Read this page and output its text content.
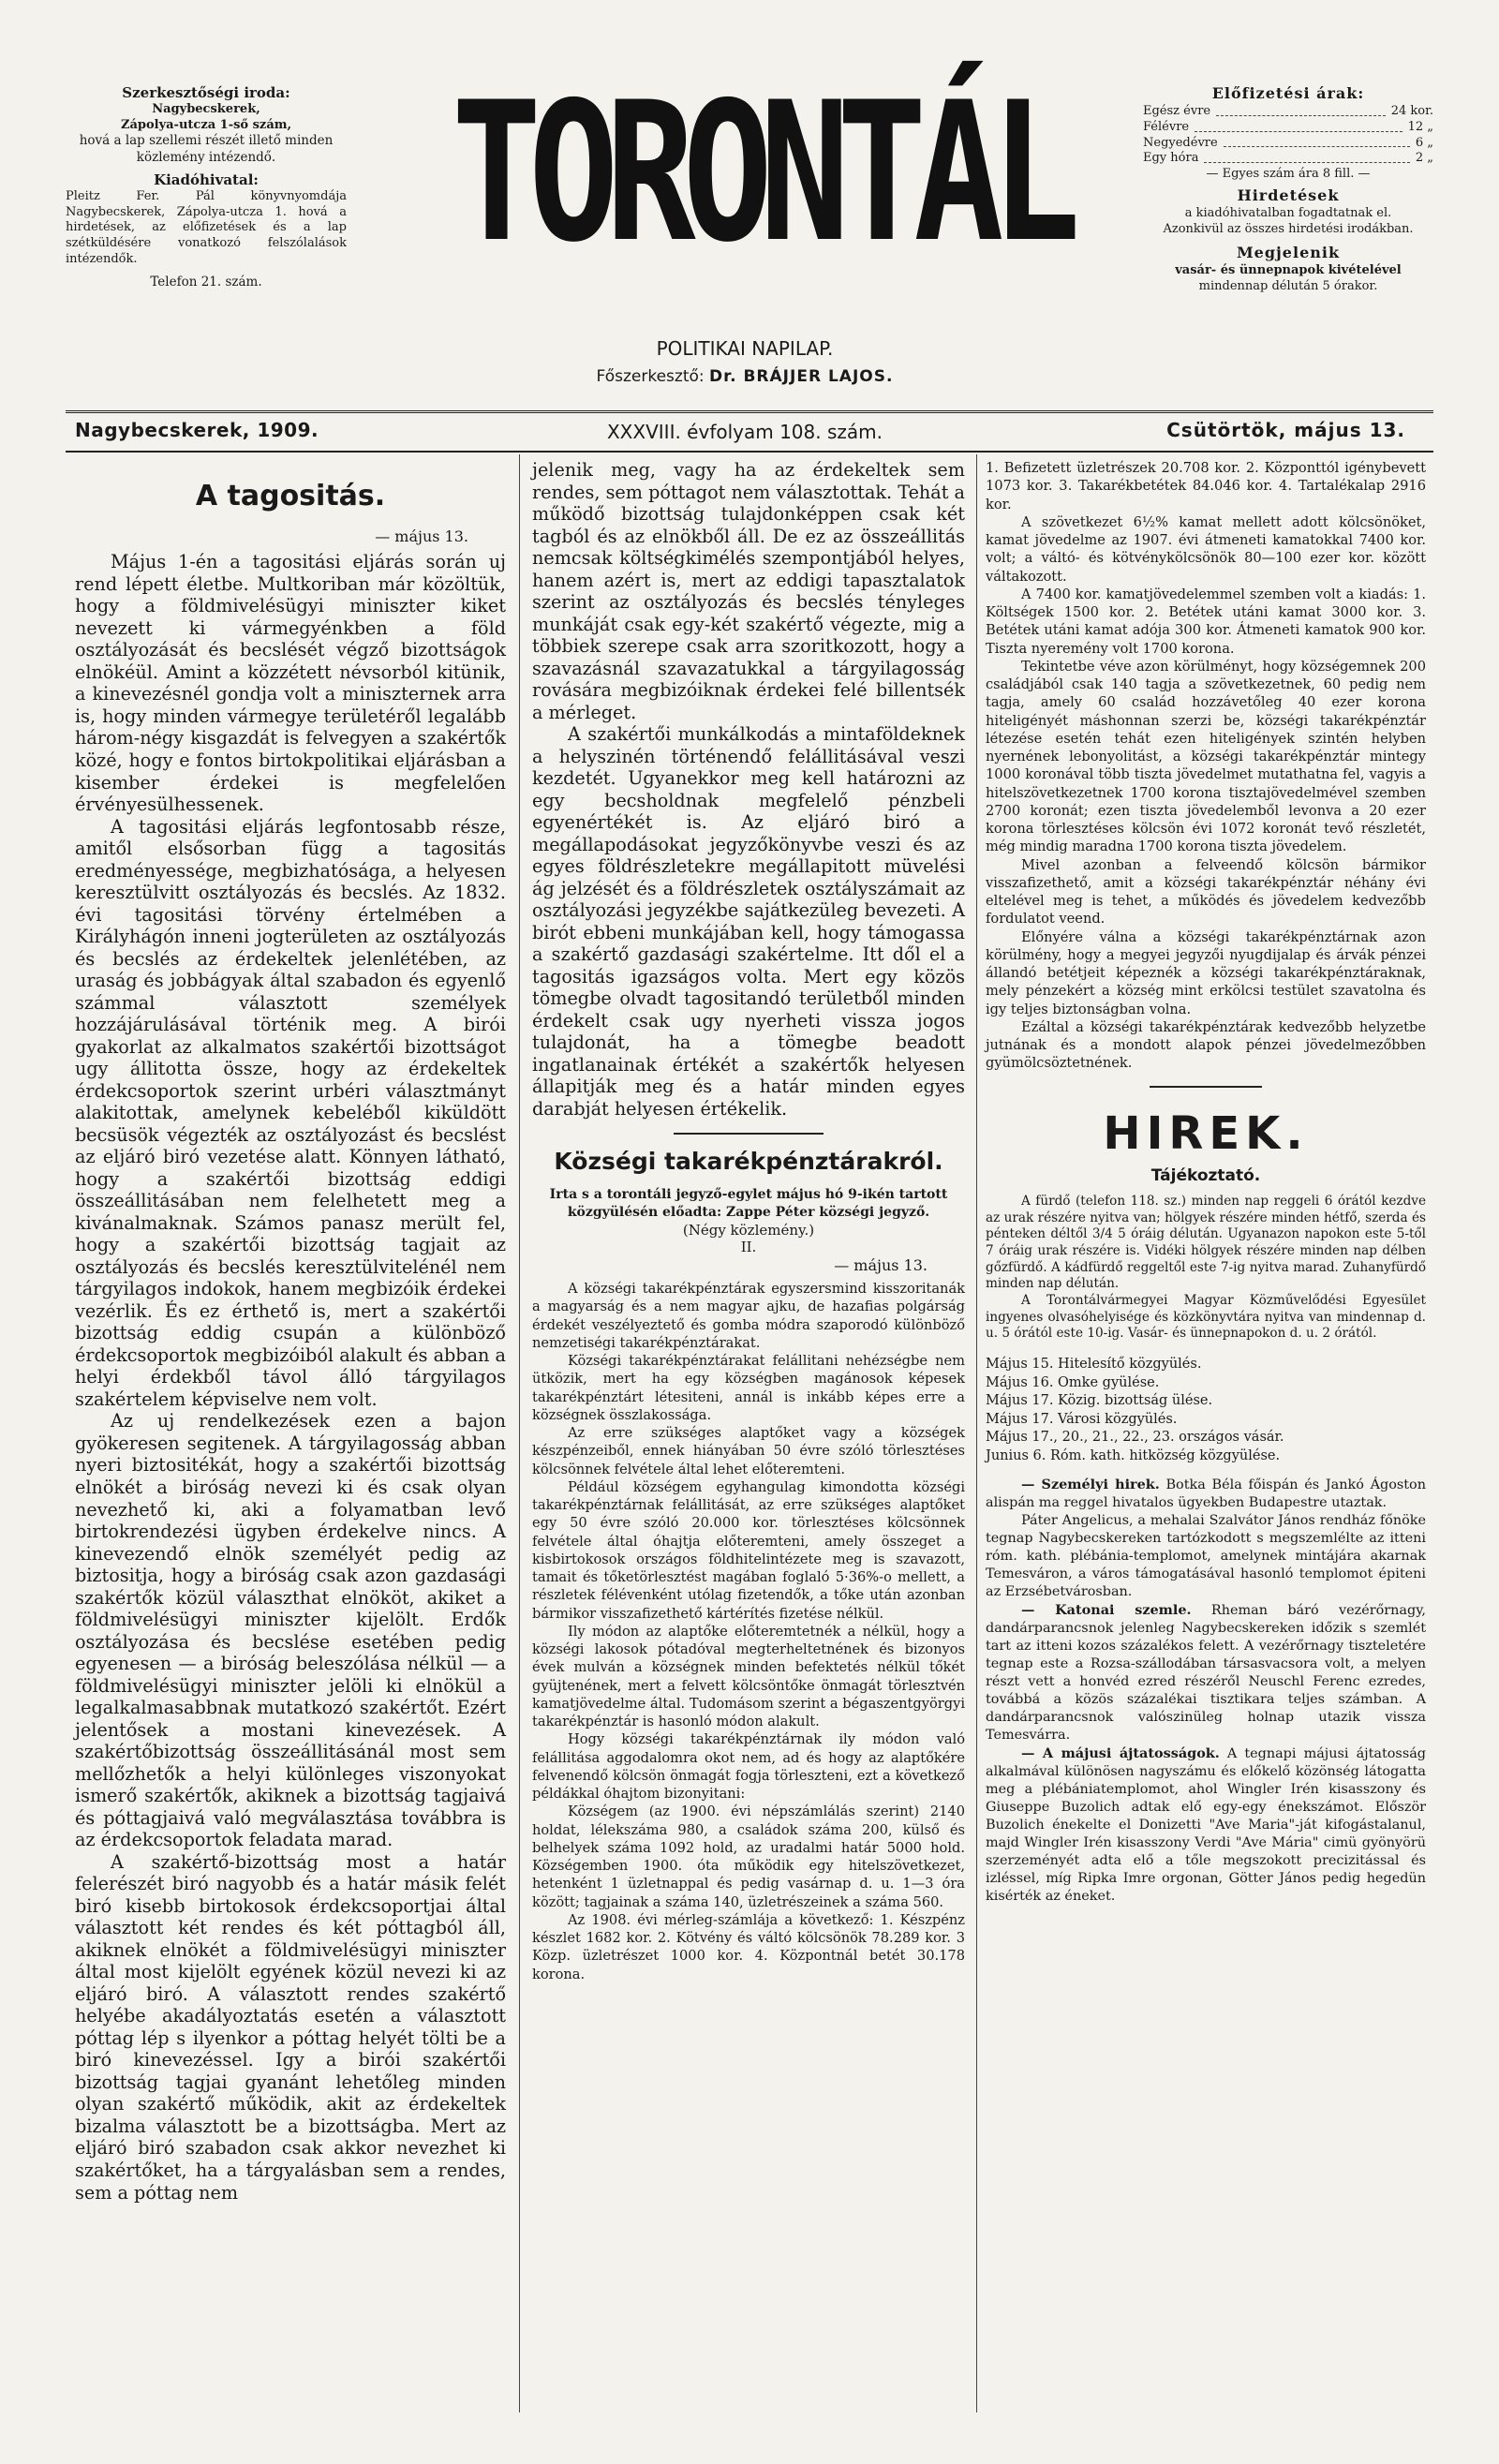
Szerkesztőségi iroda:
Nagybecskerek,
Zápolya-utcza 1-ső szám,
hová a lap szellemi részét illető minden közlemény intézendő.
Kiadóhivatal:
Pleitz Fer. Pál könyvnyomdája Nagybecskerek, Zápolya-utcza 1. hová a hirdetések, az előfizetések és a lap szétküldésére vonatkozó felszólalások intézendők.
Telefon 21. szám. TORONTÁL
POLITIKAI NAPILAP.
Főszerkesztő: Dr. BRÁJJER LAJOS.
Előfizetési árak:
Egész évre	24 kor.
Félévre	12 „
Negyedévre	6 „
Egy hóra	2 „
— Egyes szám ára 8 fill. —
Hirdetések
a kiadóhivatalban fogadtatnak el.
Azonkivül az összes hirdetési irodákban.
Megjelenik
vasár- és ünnepnapok kivételével
mindennap délután 5 órakor.
Nagybecskerek, 1909.	XXXVIII. évfolyam 108. szám.	Csütörtök, május 13.

A tagositás.

— május 13.

Május 1-én a tagositási eljárás során uj rend lépett életbe. Multkoriban már közöltük, hogy a földmivelésügyi miniszter kiket nevezett ki vármegyénkben a föld osztályozását és becslését végző bizottságok elnökéül. Amint a közzétett névsorból kitünik, a kinevezésnél gondja volt a miniszternek arra is, hogy minden vármegye területéről legalább három-négy kisgazdát is felvegyen a szakértők közé, hogy e fontos birtokpolitikai eljárásban a kisember érdekei is megfelelően érvényesülhessenek.

A tagositási eljárás legfontosabb része, amitől elsősorban függ a tagositás eredményessége, megbizhatósága, a helyesen keresztülvitt osztályozás és becslés. Az 1832. évi tagositási törvény értelmében a Királyhágón inneni jogterületen az osztályozás és becslés az érdekeltek jelenlétében, az uraság és jobbágyak által szabadon és egyenlő számmal választott személyek hozzájárulásával történik meg. A birói gyakorlat az alkalmatos szakértői bizottságot ugy állitotta össze, hogy az érdekeltek érdekcsoportok szerint urbéri választmányt alakitottak, amelynek kebeléből kiküldött becsüsök végezték az osztályozást és becslést az eljáró biró vezetése alatt. Könnyen látható, hogy a szakértői bizottság eddigi összeállitásában nem felelhetett meg a kivánalmaknak. Számos panasz merült fel, hogy a szakértői bizottság tagjait az osztályozás és becslés keresztülvitelénél nem tárgyilagos indokok, hanem megbizóik érdekei vezérlik. És ez érthető is, mert a szakértői bizottság eddig csupán a különböző érdekcsoportok megbizóiból alakult és abban a helyi érdekből távol álló tárgyilagos szakértelem képviselve nem volt.

Az uj rendelkezések ezen a bajon gyökeresen segitenek. A tárgyilagosság abban nyeri biztositékát, hogy a szakértői bizottság elnökét a biróság nevezi ki és csak olyan nevezhető ki, aki a folyamatban levő birtokrendezési ügyben érdekelve nincs. A kinevezendő elnök személyét pedig az biztositja, hogy a biróság csak azon gazdasági szakértők közül választhat elnököt, akiket a földmivelésügyi miniszter kijelölt. Erdők osztályozása és becslése esetében pedig egyenesen — a biróság beleszólása nélkül — a földmivelésügyi miniszter jelöli ki elnökül a legalkalmasabbnak mutatkozó szakértőt. Ezért jelentősek a mostani kinevezések. A szakértőbizottság összeállitásánál most sem mellőzhetők a helyi különleges viszonyokat ismerő szakértők, akiknek a bizottság tagjaivá és póttagjaivá való megválasztása továbbra is az érdekcsoportok feladata marad.

A szakértő-bizottság most a határ felerészét biró nagyobb és a határ másik felét biró kisebb birtokosok érdekcsoportjai által választott két rendes és két póttagból áll, akiknek elnökét a földmivelésügyi miniszter által most kijelölt egyének közül nevezi ki az eljáró biró. A választott rendes szakértő helyébe akadályoztatás esetén a választott póttag lép s ilyenkor a póttag helyét tölti be a biró kinevezéssel. Igy a birói szakértői bizottság tagjai gyanánt lehetőleg minden olyan szakértő működik, akit az érdekeltek bizalma választott be a bizottságba. Mert az eljáró biró szabadon csak akkor nevezhet ki szakértőket, ha a tárgyalásban sem a rendes, sem a póttag nem

jelenik meg, vagy ha az érdekeltek sem rendes, sem póttagot nem választottak. Tehát a működő bizottság tulajdonképpen csak két tagból és az elnökből áll. De ez az összeállitás nemcsak költségkimélés szempontjából helyes, hanem azért is, mert az eddigi tapasztalatok szerint az osztályozás és becslés tényleges munkáját csak egy-két szakértő végezte, mig a többiek szerepe csak arra szoritkozott, hogy a szavazásnál szavazatukkal a tárgyilagosság rovására megbizóiknak érdekei felé billentsék a mérleget.

A szakértői munkálkodás a mintaföldeknek a helyszinén történendő felállitásával veszi kezdetét. Ugyanekkor meg kell határozni az egy becsholdnak megfelelő pénzbeli egyenértékét is. Az eljáró biró a megállapodásokat jegyzőkönyvbe veszi és az egyes földrészletekre megállapitott müvelési ág jelzését és a földrészletek osztályszámait az osztályozási jegyzékbe sajátkezüleg bevezeti. A birót ebbeni munkájában kell, hogy támogassa a szakértő gazdasági szakértelme. Itt dől el a tagositás igazságos volta. Mert egy közös tömegbe olvadt tagositandó területből minden érdekelt csak ugy nyerheti vissza jogos tulajdonát, ha a tömegbe beadott ingatlanainak értékét a szakértők helyesen állapitják meg és a határ minden egyes darabját helyesen értékelik.

Községi takarékpénztárakról.

Irta s a torontáli jegyző-egylet május hó 9-ikén tartott közgyülésén előadta: Zappe Péter községi jegyző.

(Négy közlemény.)

II.

— május 13.

A községi takarékpénztárak egyszersmind kisszoritanák a magyarság és a nem magyar ajku, de hazafias polgárság érdekét veszélyeztető és gomba módra szaporodó különböző nemzetiségi takarékpénztárakat.

Községi takarékpénztárakat felállitani nehézségbe nem ütközik, mert ha egy községben magánosok képesek takarékpénztárt létesiteni, annál is inkább képes erre a községnek összlakossága.

Az erre szükséges alaptőket vagy a községek készpénzeiből, ennek hiányában 50 évre szóló törlesztéses kölcsönnek felvétele által lehet előteremteni.

Például községem egyhangulag kimondotta községi takarékpénztárnak felállitását, az erre szükséges alaptőket egy 50 évre szóló 20.000 kor. törlesztéses kölcsönnek felvétele által óhajtja előteremteni, amely összeget a kisbirtokosok országos földhitelintézete meg is szavazott, tamait és tőketörlesztést magában foglaló 5·36%-o mellett, a részletek félévenként utólag fizetendők, a tőke után azonban bármikor visszafizethető kártérítés fizetése nélkül.

Ily módon az alaptőke előteremtetnék a nélkül, hogy a községi lakosok pótadóval megterheltetnének és bizonyos évek mulván a községnek minden befektetés nélkül tőkét gyüjtenének, mert a felvett kölcsöntőke önmagát törlesztvén kamatjövedelme által. Tudomásom szerint a bégaszentgyörgyi takarékpénztár is hasonló módon alakult.

Hogy községi takarékpénztárnak ily módon való felállitása aggodalomra okot nem, ad és hogy az alaptőkére felvenendő kölcsön önmagát fogja törleszteni, ezt a következő példákkal óhajtom bizonyitani:

Községem (az 1900. évi népszámlálás szerint) 2140 holdat, lélekszáma 980, a családok száma 200, külső és belhelyek száma 1092 hold, az uradalmi határ 5000 hold. Községemben 1900. óta működik egy hitelszövetkezet, hetenként 1 üzletnappal és pedig vasárnap d. u. 1—3 óra között; tagjainak a száma 140, üzletrészeinek a száma 560.

Az 1908. évi mérleg-számlája a következő: 1. Készpénz készlet 1682 kor. 2. Kötvény és váltó kölcsönök 78.289 kor. 3 Közp. üzletrészet 1000 kor. 4. Központnál betét 30.178 korona.

1. Befizetett üzletrészek 20.708 kor. 2. Központtól igénybevett 1073 kor. 3. Takarékbetétek 84.046 kor. 4. Tartalékalap 2916 kor.

A szövetkezet 6½% kamat mellett adott kölcsönöket, kamat jövedelme az 1907. évi átmeneti kamatokkal 7400 kor. volt; a váltó- és kötvénykölcsönök 80—100 ezer kor. között váltakozott.

A 7400 kor. kamatjövedelemmel szemben volt a kiadás: 1. Költségek 1500 kor. 2. Betétek utáni kamat 3000 kor. 3. Betétek utáni kamat adója 300 kor. Átmeneti kamatok 900 kor. Tiszta nyeremény volt 1700 korona.

Tekintetbe véve azon körülményt, hogy községemnek 200 családjából csak 140 tagja a szövetkezetnek, 60 pedig nem tagja, amely 60 család hozzávetőleg 40 ezer korona hiteligényét máshonnan szerzi be, községi takarékpénztár létezése esetén tehát ezen hiteligények szintén helyben nyernének lebonyolitást, a községi takarékpénztár mintegy 1000 koronával több tiszta jövedelmet mutathatna fel, vagyis a hitelszövetkezetnek 1700 korona tisztajövedelmével szemben 2700 koronát; ezen tiszta jövedelemből levonva a 20 ezer korona törlesztéses kölcsön évi 1072 koronát tevő részletét, még mindig maradna 1700 korona tiszta jövedelem.

Mivel azonban a felveendő kölcsön bármikor visszafizethető, amit a községi takarékpénztár néhány évi eltelével meg is tehet, a működés és jövedelem kedvezőbb fordulatot veend.

Előnyére válna a községi takarékpénztárnak azon körülmény, hogy a megyei jegyzői nyugdijalap és árvák pénzei állandó betétjeit képeznék a községi takarékpénztáraknak, mely pénzekért a község mint erkölcsi testület szavatolna és igy teljes biztonságban volna.

Ezáltal a községi takarékpénztárak kedvezőbb helyzetbe jutnának és a mondott alapok pénzei jövedelmezőbben gyümölcsöztetnének.

HIREK.
Tájékoztató.

A fürdő (telefon 118. sz.) minden nap reggeli 6 órától kezdve az urak részére nyitva van; hölgyek részére minden hétfő, szerda és pénteken déltől 3/4 5 óráig délután. Ugyanazon napokon este 5-től 7 óráig urak részére is. Vidéki hölgyek részére minden nap délben gőzfürdő. A kádfürdő reggeltől este 7-ig nyitva marad. Zuhanyfürdő minden nap délután.

A Torontálvármegyei Magyar Közművelődési Egyesület ingyenes olvasóhelyisége és közkönyvtára nyitva van mindennap d. u. 5 órától este 10-ig. Vasár- és ünnepnapokon d. u. 2 órától.

Május 15. Hitelesítő közgyülés.
Május 16. Omke gyülése.
Május 17. Közig. bizottság ülése.
Május 17. Városi közgyülés.
Május 17., 20., 21., 22., 23. országos vásár.
Junius 6. Róm. kath. hitközség közgyülése.

— Személyi hirek. Botka Béla főispán és Jankó Ágoston alispán ma reggel hivatalos ügyekben Budapestre utaztak.

Páter Angelicus, a mehalai Szalvátor János rendház főnöke tegnap Nagybecskereken tartózkodott s megszemlélte az itteni róm. kath. plébánia-templomot, amelynek mintájára akarnak Temesváron, a város támogatásával hasonló templomot épiteni az Erzsébetvárosban.

— Katonai szemle. Rheman báró vezérőrnagy, dandárparancsnok jelenleg Nagybecskereken időzik s szemlét tart az itteni kozos százalékos felett. A vezérőrnagy tiszteletére tegnap este a Rozsa-szállodában társasvacsora volt, a melyen részt vett a honvéd ezred részéről Neuschl Ferenc ezredes, továbbá a közös százalékai tisztikara teljes számban. A dandárparancsnok valószinüleg holnap utazik vissza Temesvárra.

— A májusi ájtatosságok. A tegnapi májusi ájtatosság alkalmával különösen nagyszámu és előkelő közönség látogatta meg a plébániatemplomot, ahol Wingler Irén kisasszony és Giuseppe Buzolich adtak elő egy-egy énekszámot. Először Buzolich énekelte el Donizetti "Ave Maria"-ját kifogástalanul, majd Wingler Irén kisasszony Verdi "Ave Mária" cimü gyönyörü szerzeményét adta elő a tőle megszokott precizitással és izléssel, míg Ripka Imre orgonan, Götter János pedig hegedün kisérték az éneket.
